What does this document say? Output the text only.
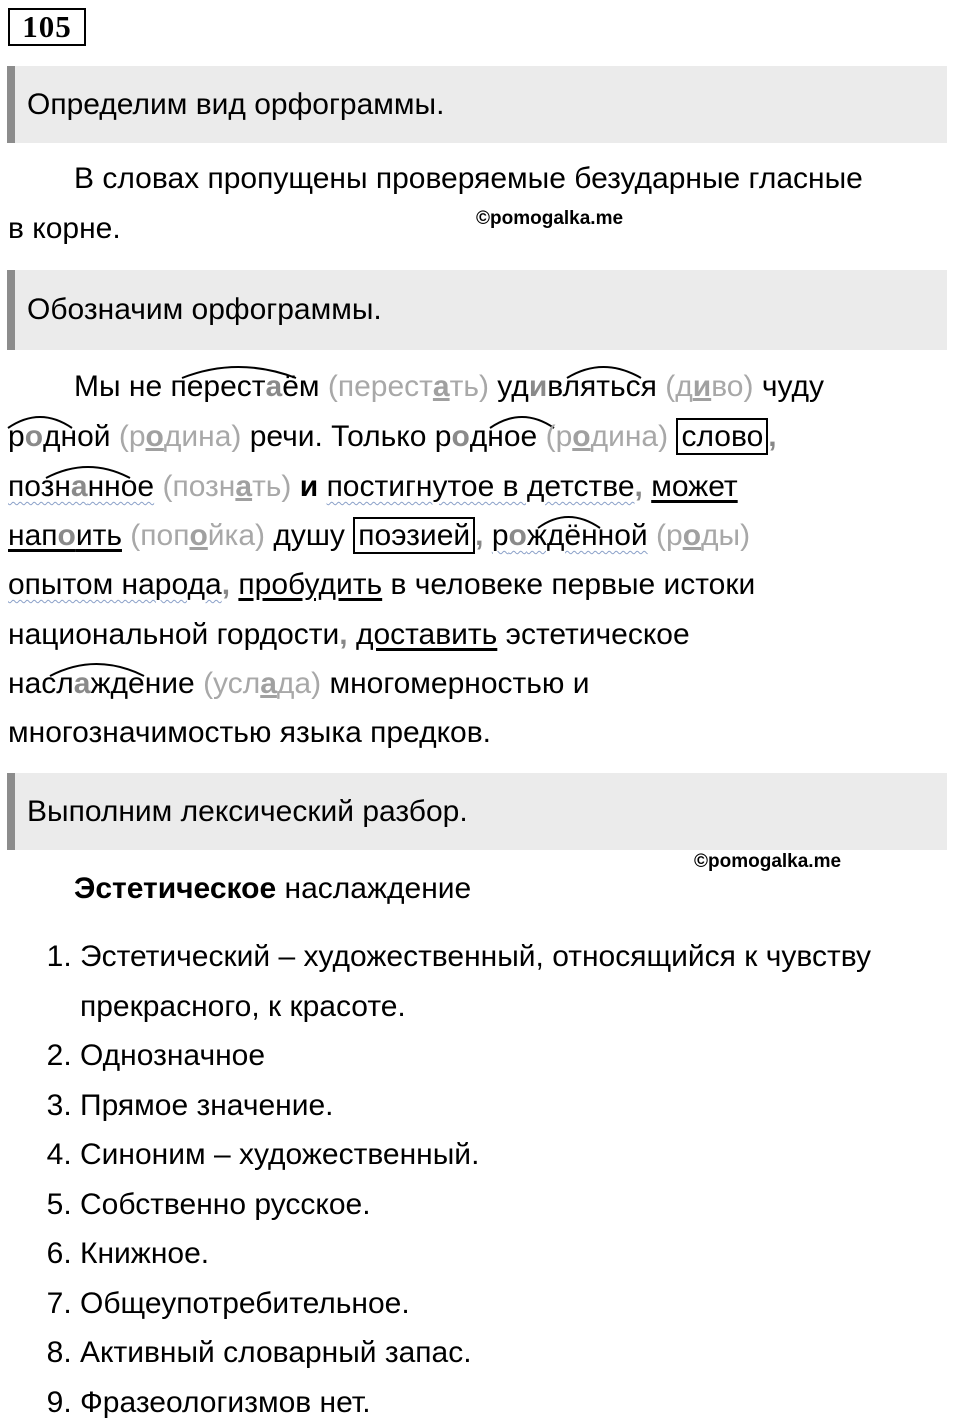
105
Определим вид орфограммы.
В словах пропущены проверяемые безударные гласные
в корне.	©pomogalka.me
Обозначим орфограммы.
Мы не перестаём (перестать) удивляться (диво) чуду
родной (родина) речи. Только родное (родина) слово ,
познанное (познать) и постигнутое в детстве, может
напоить (попойка) душу поэзией , рождённой (роды)
опытом народа, пробудить в человеке первые истоки
национальной гордости, доставить эстетическое
наслаждение (услада) многомерностью и
многозначимостью языка предков.
Выполним лексический разбор.
©pomogalka.me
Эстетическое наслаждение
1. Эстетический – художественный, относящийся к чувству прекрасного, к красоте.
2. Однозначное
3. Прямое значение.
4. Синоним – художественный.
5. Собственно русское.
6. Книжное.
7. Общеупотребительное.
8. Активный словарный запас.
9. Фразеологизмов нет.
